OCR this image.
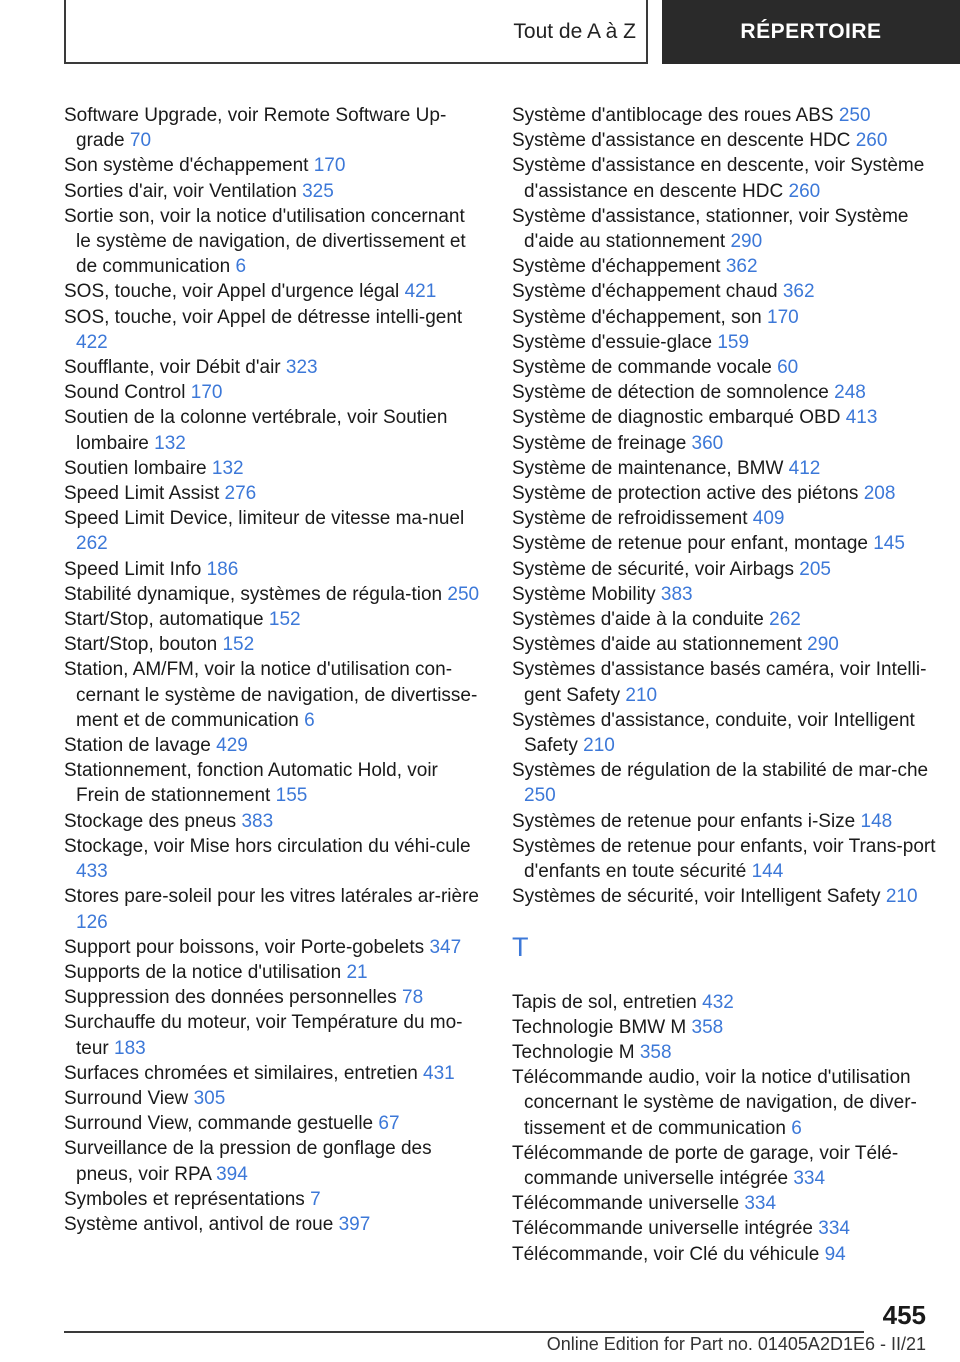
Tout de A à Z	RÉPERTOIRE
Software Upgrade, voir Remote Software Up‐grade 70
Son système d'échappement 170
Sorties d'air, voir Ventilation 325
Sortie son, voir la notice d'utilisation concernant le système de navigation, de divertissement et de communication 6
SOS, touche, voir Appel d'urgence légal 421
SOS, touche, voir Appel de détresse intelli‐gent 422
Soufflante, voir Débit d'air 323
Sound Control 170
Soutien de la colonne vertébrale, voir Soutien lombaire 132
Soutien lombaire 132
Speed Limit Assist 276
Speed Limit Device, limiteur de vitesse ma‐nuel 262
Speed Limit Info 186
Stabilité dynamique, systèmes de régula‐tion 250
Start/Stop, automatique 152
Start/Stop, bouton 152
Station, AM/FM, voir la notice d'utilisation con‐cernant le système de navigation, de divertisse‐ment et de communication 6
Station de lavage 429
Stationnement, fonction Automatic Hold, voir Frein de stationnement 155
Stockage des pneus 383
Stockage, voir Mise hors circulation du véhi‐cule 433
Stores pare-soleil pour les vitres latérales ar‐rière 126
Support pour boissons, voir Porte-gobelets 347
Supports de la notice d'utilisation 21
Suppression des données personnelles 78
Surchauffe du moteur, voir Température du mo‐teur 183
Surfaces chromées et similaires, entretien 431
Surround View 305
Surround View, commande gestuelle 67
Surveillance de la pression de gonflage des pneus, voir RPA 394
Symboles et représentations 7
Système antivol, antivol de roue 397
Système d'antiblocage des roues ABS 250
Système d'assistance en descente HDC 260
Système d'assistance en descente, voir Système d'assistance en descente HDC 260
Système d'assistance, stationner, voir Système d'aide au stationnement 290
Système d'échappement 362
Système d'échappement chaud 362
Système d'échappement, son 170
Système d'essuie-glace 159
Système de commande vocale 60
Système de détection de somnolence 248
Système de diagnostic embarqué OBD 413
Système de freinage 360
Système de maintenance, BMW 412
Système de protection active des piétons 208
Système de refroidissement 409
Système de retenue pour enfant, montage 145
Système de sécurité, voir Airbags 205
Système Mobility 383
Systèmes d'aide à la conduite 262
Systèmes d'aide au stationnement 290
Systèmes d'assistance basés caméra, voir Intelli‐gent Safety 210
Systèmes d'assistance, conduite, voir Intelligent Safety 210
Systèmes de régulation de la stabilité de mar‐che 250
Systèmes de retenue pour enfants i-Size 148
Systèmes de retenue pour enfants, voir Trans‐port d'enfants en toute sécurité 144
Systèmes de sécurité, voir Intelligent Safety 210
T
Tapis de sol, entretien 432
Technologie BMW M 358
Technologie M 358
Télécommande audio, voir la notice d'utilisation concernant le système de navigation, de diver‐tissement et de communication 6
Télécommande de porte de garage, voir Télé‐commande universelle intégrée 334
Télécommande universelle 334
Télécommande universelle intégrée 334
Télécommande, voir Clé du véhicule 94
455
Online Edition for Part no. 01405A2D1E6 - II/21
